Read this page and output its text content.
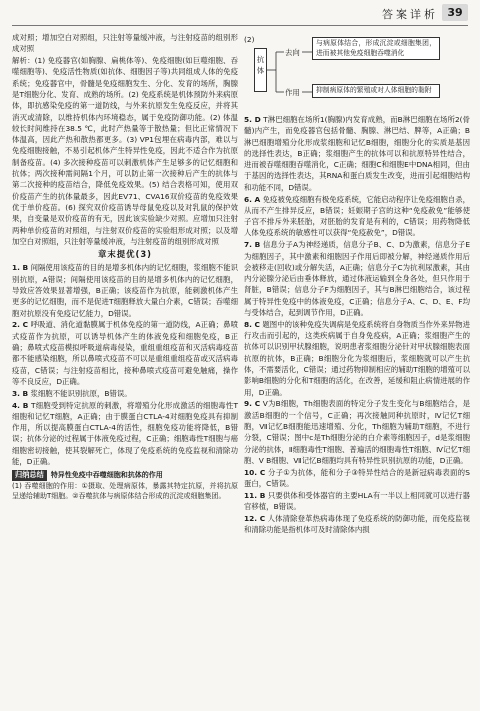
答案详析 39

成对照；增加空白对照组，只注射等量缓冲液，与注射疫苗的组别形成对照

解析：(1) 免疫器官(如胸腺、扁桃体等)、免疫细胞(如巨噬细胞、吞噬细胞等)、免疫活性物质(如抗体、细胞因子等)共同组成人体的免疫系统；免疫器官中，骨髓是免疫细胞发生、分化、发育的场所，胸腺是T细胞分化、发育、成熟的场所。(2) 免疫系统是机体预防外来病原体，即抗感染免疫的第一道防线，与外来抗原发生免疫反应，并将其消灭或清除，以维持机体内环境稳态，属于免疫防御功能。(2) 体温较长时间维持在38.5 ℃，此时产热量等于散热量；但比正常情况下体温高，因此产热和散热都更多。(3) VP1包埋在病毒内部，难以与免疫细胞接触，不易引起机体产生特异性免疫，因此不适合作为抗原制备疫苗。(4) 多次接种疫苗可以刺激机体产生足够多的记忆细胞和抗体；两次接种需间隔1个月，可以防止第一次接种后产生的抗体与第二次接种的疫苗结合，降低免疫效果。(5) 结合表格可知，使用双价疫苗产生的抗体量最多，因此EV71、CVA16双价疫苗的免疫效果优于单价疫苗。(6) 探究双价疫苗诱导母鼠免疫以及对乳鼠的保护效果，自变量是双价疫苗的有无，因此该实验缺少对照。应增加只注射两种单价疫苗的对照组，与注射双价疫苗的实验组形成对照；以及增加空白对照组，只注射等量缓冲液，与注射疫苗的组别形成对照

章末提优(3)

1. B 间隔使用该疫苗的目的是增多机体内的记忆细胞，浆细胞不能识别抗原，A错误；间隔使用该疫苗的目的是增多机体内的记忆细胞，导致应答效果显著增强，B正确；该疫苗作为抗原，能刺激机体产生更多的记忆细胞，而不是促进T细胞释放大量白介素，C错误；吞噬细胞对抗原没有免疫记忆能力，D错误。

2. C 呼吸道、消化道黏膜属于机体免疫的第一道防线，A正确；鼻喷式疫苗作为抗原，可以诱导机体产生的体液免疫和细胞免疫，B正确；鼻喷式疫苗模拟呼吸道病毒侵染，重组重组疫苗和灭活病毒疫苗都不能感染细胞，所以鼻喷式疫苗不可以是重组重组疫苗或灭活病毒疫苗，C错误；与注射疫苗相比，接种鼻喷式疫苗可避免触痛，操作等不良反应，D正确。

3. B 浆细胞不能识别抗原，B错误。

4. B T细胞受到特定抗原的刺激，将增殖分化形成激活的细胞毒性T细胞和记忆T细胞，A正确；由于膜蛋白CTLA-4对细胞免疫具有抑制作用，所以提高膜蛋白CTLA-4的活性，细胞免疫功能将降低，B错误；抗体分泌的过程属于体液免疫过程，C正确；细胞毒性T细胞与癌细胞密切接触，使其裂解死亡，体现了免疫系统的免疫监视和清除功能，D正确。

归纳总结 特异性免疫中吞噬细胞和抗体的作用
(1) 吞噬细胞的作用：①摄取、处理病原体，暴露其特定抗原，并将抗原呈递给辅助T细胞。②吞噬抗体与病原体结合形成的沉淀或细胞集团。
(2)
抗体
去向
作用
与病原体结合，形成沉淀或细胞集团，进而被其他免疫细胞吞噬消化
抑制病原体的繁殖或对人体细胞的黏附

5. D T淋巴细胞在场所1(胸腺)内发育成熟，而B淋巴细胞在场所2(骨髓)内产生，而免疫器官包括骨髓、胸腺、淋巴结、脾等，A正确；B淋巴细胞增殖分化形成浆细胞和记忆B细胞，细胞分化的实质是基因的选择性表达，B正确；浆细胞产生的抗体可以和抗原特异性结合，进而被吞噬细胞吞噬消化，C正确；细胞C和细胞E中DNA相同，但由于基因的选择性表达，其RNA和蛋白质发生改变，进而引起细胞结构和功能不同，D错误。

6. A 免疫被免疫细胞有极免疫系统，它能启动程序让免疫细胞自杀，从而不产生排异反应，B错误；妊娠期子宫的这种“免疫赦免”能够使子宫不排斥外来胚胎，对胚胎的发育是有利的，C错误；用药物降低人体免疫系统的敏感性可以获得“免疫赦免”，D错误。

7. B 信息分子A为神经递质，信息分子B、C、D为激素，信息分子E为细胞因子，其中激素和细胞因子作用后即被分解，神经递质作用后会被移走(回收)或分解失活，A正确；信息分子C为抗利尿激素，其由内分泌腺分泌后由垂体释放，通过体液运输到全身各处，但只作用于肾脏，B错误；信息分子F为细胞因子，其与B淋巴细胞结合，该过程属于特异性免疫中的体液免疫，C正确；信息分子A、C、D、E、F均与受体结合，起到调节作用，D正确。

8. C 题图中的该种免疫失调病是免疫系统将自身物质当作外来异物进行攻击而引起的，这类疾病属于自身免疫病，A正确；浆细胞产生的抗体可以识别甲状腺细胞，说明患者浆细胞分泌针对甲状腺细胞表面抗原的抗体，B正确；B细胞分化为浆细胞后，浆细胞就可以产生抗体，不需要活化，C错误；通过药物抑制相应的辅助T细胞的增殖可以影响B细胞的分化和T细胞的活化，在改善，延缓和阻止病情进展的作用，D正确。

9. C V为B细胞，Th细胞表面的特定分子发生变化与B细胞结合，是激活B细胞的一个信号，C正确；再次接触同种抗原时，Ⅳ记忆T细胞，Ⅶ记忆B细胞能迅速增殖、分化，Th细胞为辅助T细胞，不进行分裂，C错误；图中c是Th细胞分泌的白介素等细胞因子，d是浆细胞分泌的抗体，Ⅱ细胞毒性T细胞、普遍活的细胞毒性T细胞、Ⅳ记忆T细胞、Ⅴ B细胞、Ⅶ记忆B细胞均具有特异性识别抗原的功能，D正确。

10. C 分子①为抗体，能和分子③特异性结合的是新冠病毒表面的S蛋白，C错误。

11. B 只要供体和受体器官的主要HLA有一半以上相同就可以进行器官移植，B错误。

12. C 人体清除登革热病毒体现了免疫系统的防御功能，而免疫监视和清除功能是指机体可及时清除体内损
